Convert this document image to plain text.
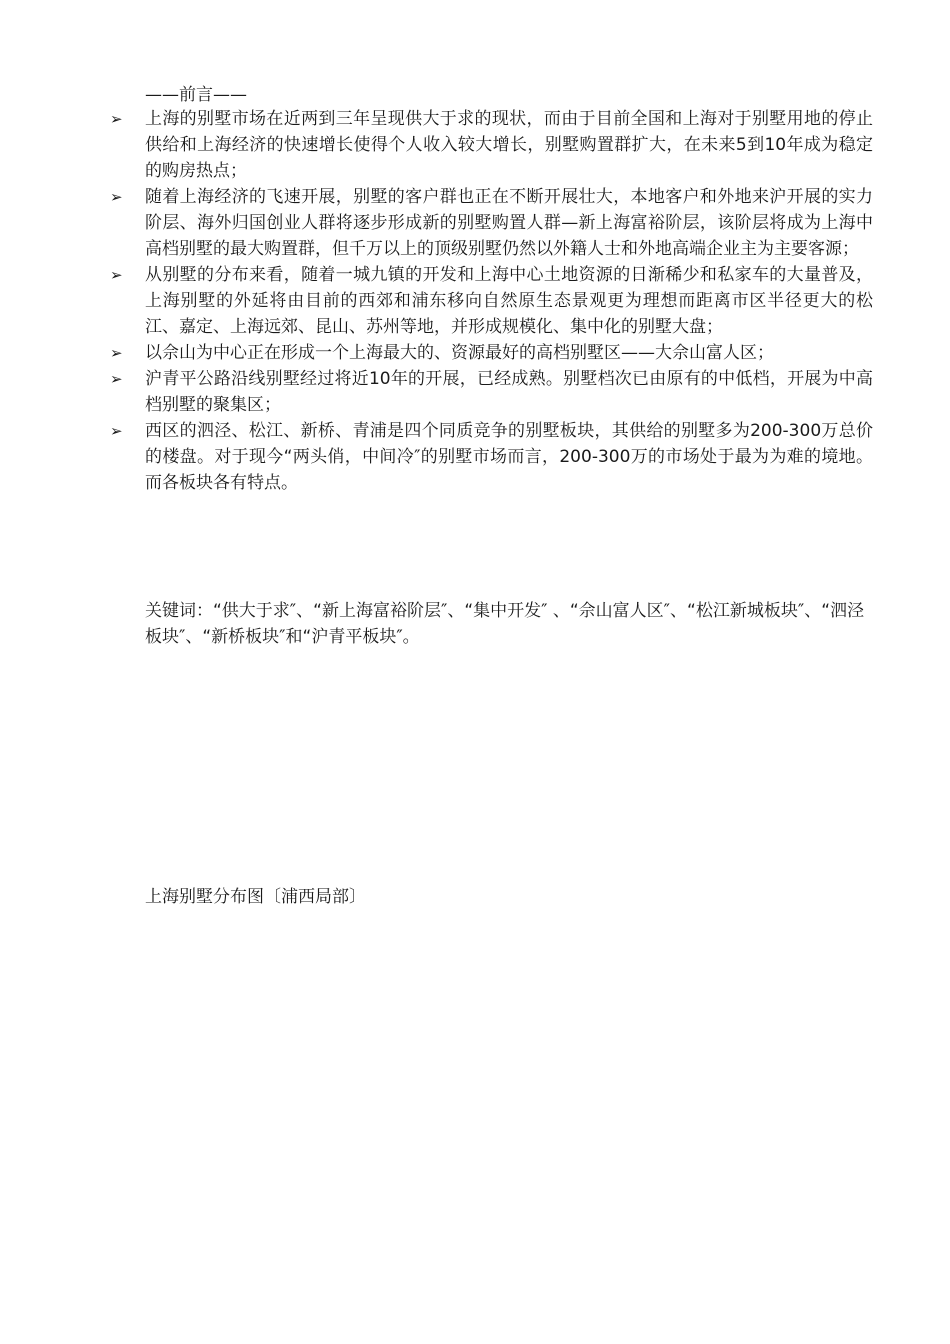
——前言——
➢ 上海的别墅市场在近两到三年呈现供大于求的现状，而由于目前全国和上海对于别墅用地的停止供给和上海经济的快速增长使得个人收入较大增长，别墅购置群扩大，在未来5到10年成为稳定的购房热点；
➢ 随着上海经济的飞速开展，别墅的客户群也正在不断开展壮大，本地客户和外地来沪开展的实力阶层、海外归国创业人群将逐步形成新的别墅购置人群—新上海富裕阶层，该阶层将成为上海中高档别墅的最大购置群，但千万以上的顶级别墅仍然以外籍人士和外地高端企业主为主要客源；
➢ 从别墅的分布来看，随着一城九镇的开发和上海中心土地资源的日渐稀少和私家车的大量普及，上海别墅的外延将由目前的西郊和浦东移向自然原生态景观更为理想而距离市区半径更大的松江、嘉定、上海远郊、昆山、苏州等地，并形成规模化、集中化的别墅大盘；
➢ 以佘山为中心正在形成一个上海最大的、资源最好的高档别墅区——大佘山富人区；
➢ 沪青平公路沿线别墅经过将近10年的开展，已经成熟。别墅档次已由原有的中低档，开展为中高档别墅的聚集区；
➢ 西区的泗泾、松江、新桥、青浦是四个同质竞争的别墅板块，其供给的别墅多为200-300万总价的楼盘。对于现今“两头俏，中间冷″的别墅市场而言，200-300万的市场处于最为为难的境地。而各板块各有特点。
关键词：“供大于求″、“新上海富裕阶层″、“集中开发″ 、“佘山富人区″、“松江新城板块″、“泗泾板块″、“新桥板块″和“沪青平板块″。
上海别墅分布图〔浦西局部〕
